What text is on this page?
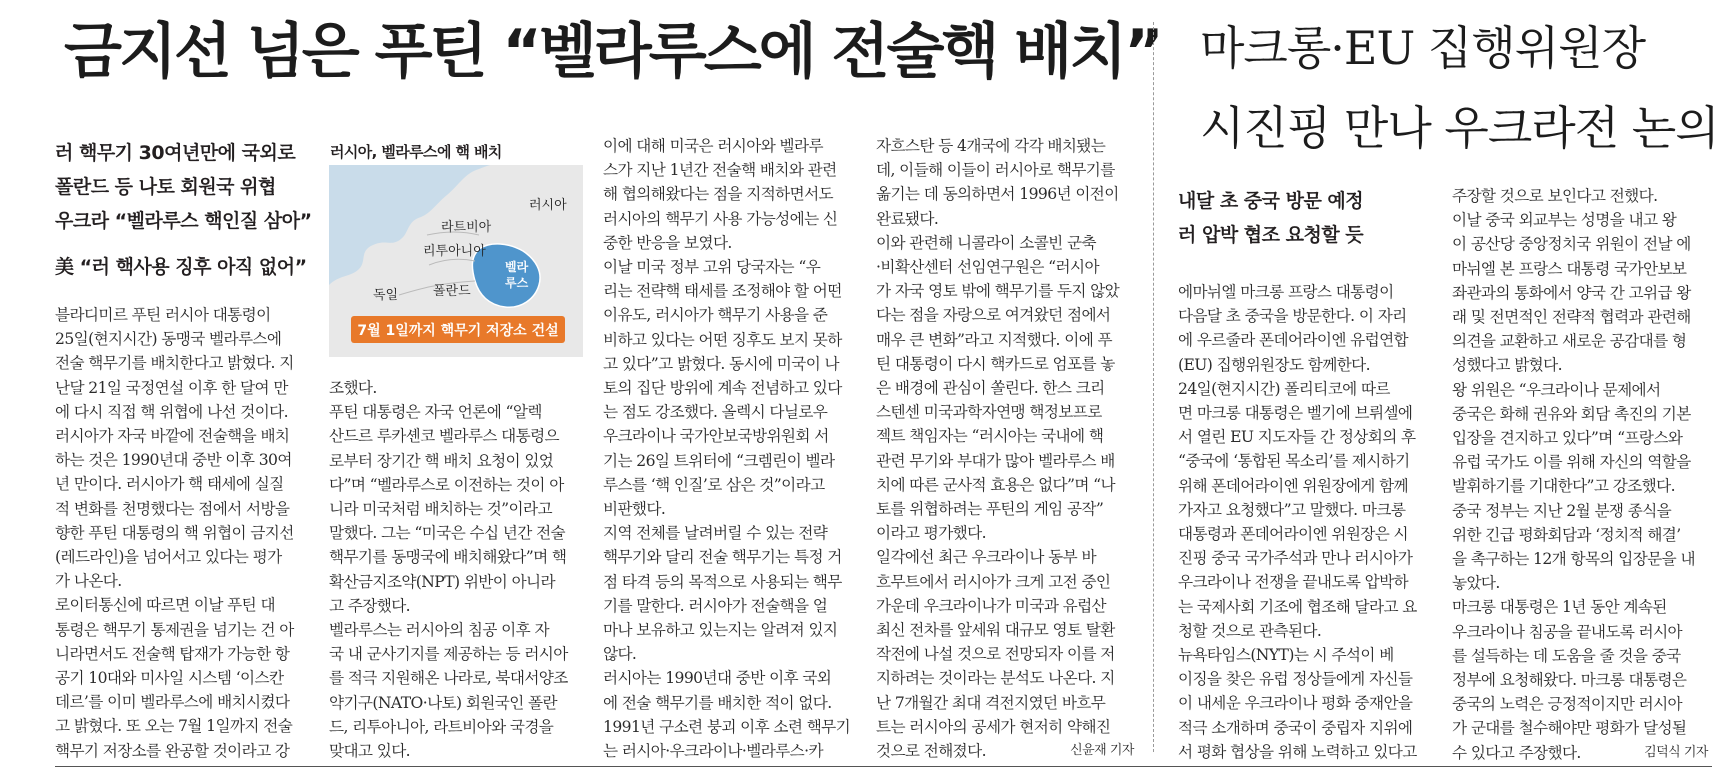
금지선 넘은 푸틴 “벨라루스에 전술핵 배치”

러 핵무기 30여년만에 국외로

폴란드 등 나토 회원국 위협

우크라 “벨라루스 핵인질 삼아”

美 “러 핵사용 징후 아직 없어”

블라디미르 푸틴 러시아 대통령이

25일(현지시간) 동맹국 벨라루스에

전술 핵무기를 배치한다고 밝혔다. 지

난달 21일 국정연설 이후 한 달여 만

에 다시 직접 핵 위협에 나선 것이다.

러시아가 자국 바깥에 전술핵을 배치

하는 것은 1990년대 중반 이후 30여

년 만이다. 러시아가 핵 태세에 실질

적 변화를 천명했다는 점에서 서방을

향한 푸틴 대통령의 핵 위협이 금지선

(레드라인)을 넘어서고 있다는 평가

가 나온다.

로이터통신에 따르면 이날 푸틴 대

통령은 핵무기 통제권을 넘기는 건 아

니라면서도 전술핵 탑재가 가능한 항

공기 10대와 미사일 시스템 ‘이스칸

데르’를 이미 벨라루스에 배치시켰다

고 밝혔다. 또 오는 7월 1일까지 전술

핵무기 저장소를 완공할 것이라고 강

러시아, 벨라루스에 핵 배치
러시아
라트비아
리투아니아
벨라
루스
폴란드
독일
7월 1일까지 핵무기 저장소 건설

조했다.

푸틴 대통령은 자국 언론에 “알렉

산드르 루카셴코 벨라루스 대통령으

로부터 장기간 핵 배치 요청이 있었

다”며 “벨라루스로 이전하는 것이 아

니라 미국처럼 배치하는 것”이라고

말했다. 그는 “미국은 수십 년간 전술

핵무기를 동맹국에 배치해왔다”며 핵

확산금지조약(NPT) 위반이 아니라

고 주장했다.

벨라루스는 러시아의 침공 이후 자

국 내 군사기지를 제공하는 등 러시아

를 적극 지원해온 나라로, 북대서양조

약기구(NATO·나토) 회원국인 폴란

드, 리투아니아, 라트비아와 국경을

맞대고 있다.

이에 대해 미국은 러시아와 벨라루

스가 지난 1년간 전술핵 배치와 관련

해 협의해왔다는 점을 지적하면서도

러시아의 핵무기 사용 가능성에는 신

중한 반응을 보였다.

이날 미국 정부 고위 당국자는 “우

리는 전략핵 태세를 조정해야 할 어떤

이유도, 러시아가 핵무기 사용을 준

비하고 있다는 어떤 징후도 보지 못하

고 있다”고 밝혔다. 동시에 미국이 나

토의 집단 방위에 계속 전념하고 있다

는 점도 강조했다. 올렉시 다닐로우

우크라이나 국가안보국방위원회 서

기는 26일 트위터에 “크렘린이 벨라

루스를 ‘핵 인질’로 삼은 것”이라고

비판했다.

지역 전체를 날려버릴 수 있는 전략

핵무기와 달리 전술 핵무기는 특정 거

점 타격 등의 목적으로 사용되는 핵무

기를 말한다. 러시아가 전술핵을 얼

마나 보유하고 있는지는 알려져 있지

않다.

러시아는 1990년대 중반 이후 국외

에 전술 핵무기를 배치한 적이 없다.

1991년 구소련 붕괴 이후 소련 핵무기

는 러시아·우크라이나·벨라루스·카

자흐스탄 등 4개국에 각각 배치됐는

데, 이들해 이들이 러시아로 핵무기를

옮기는 데 동의하면서 1996년 이전이

완료됐다.

이와 관련해 니콜라이 소콜빈 군축

·비확산센터 선임연구원은 “러시아

가 자국 영토 밖에 핵무기를 두지 않았

다는 점을 자랑으로 여겨왔던 점에서

매우 큰 변화”라고 지적했다. 이에 푸

틴 대통령이 다시 핵카드로 엄포를 놓

은 배경에 관심이 쏠린다. 한스 크리

스텐센 미국과학자연맹 핵정보프로

젝트 책임자는 “러시아는 국내에 핵

관련 무기와 부대가 많아 벨라루스 배

치에 따른 군사적 효용은 없다”며 “나

토를 위협하려는 푸틴의 게임 공작”

이라고 평가했다.

일각에선 최근 우크라이나 동부 바

흐무트에서 러시아가 크게 고전 중인

가운데 우크라이나가 미국과 유럽산

최신 전차를 앞세워 대규모 영토 탈환

작전에 나설 것으로 전망되자 이를 저

지하려는 것이라는 분석도 나온다. 지

난 7개월간 최대 격전지였던 바흐무

트는 러시아의 공세가 현저히 약해진

것으로 전해졌다.	신윤재 기자

마크롱·EU 집행위원장
시진핑 만나 우크라전 논의

내달 초 중국 방문 예정

러 압박 협조 요청할 듯

에마뉘엘 마크롱 프랑스 대통령이

다음달 초 중국을 방문한다. 이 자리

에 우르줄라 폰데어라이엔 유럽연합

(EU) 집행위원장도 함께한다.

24일(현지시간) 폴리티코에 따르

면 마크롱 대통령은 벨기에 브뤼셀에

서 열린 EU 지도자들 간 정상회의 후

“중국에 ‘통합된 목소리’를 제시하기

위해 폰데어라이엔 위원장에게 함께

가자고 요청했다”고 말했다. 마크롱

대통령과 폰데어라이엔 위원장은 시

진핑 중국 국가주석과 만나 러시아가

우크라이나 전쟁을 끝내도록 압박하

는 국제사회 기조에 협조해 달라고 요

청할 것으로 관측된다.

뉴욕타임스(NYT)는 시 주석이 베

이징을 찾은 유럽 정상들에게 자신들

이 내세운 우크라이나 평화 중재안을

적극 소개하며 중국이 중립자 지위에

서 평화 협상을 위해 노력하고 있다고

주장할 것으로 보인다고 전했다.

이날 중국 외교부는 성명을 내고 왕

이 공산당 중앙정치국 위원이 전날 에

마뉘엘 본 프랑스 대통령 국가안보보

좌관과의 통화에서 양국 간 고위급 왕

래 및 전면적인 전략적 협력과 관련해

의견을 교환하고 새로운 공감대를 형

성했다고 밝혔다.

왕 위원은 “우크라이나 문제에서

중국은 화해 권유와 회담 촉진의 기본

입장을 견지하고 있다”며 “프랑스와

유럽 국가도 이를 위해 자신의 역할을

발휘하기를 기대한다”고 강조했다.

중국 정부는 지난 2월 분쟁 종식을

위한 긴급 평화회담과 ‘정치적 해결’

을 촉구하는 12개 항목의 입장문을 내

놓았다.

마크롱 대통령은 1년 동안 계속된

우크라이나 침공을 끝내도록 러시아

를 설득하는 데 도움을 줄 것을 중국

정부에 요청해왔다. 마크롱 대통령은

중국의 노력은 긍정적이지만 러시아

가 군대를 철수해야만 평화가 달성될

수 있다고 주장했다.	김덕식 기자
